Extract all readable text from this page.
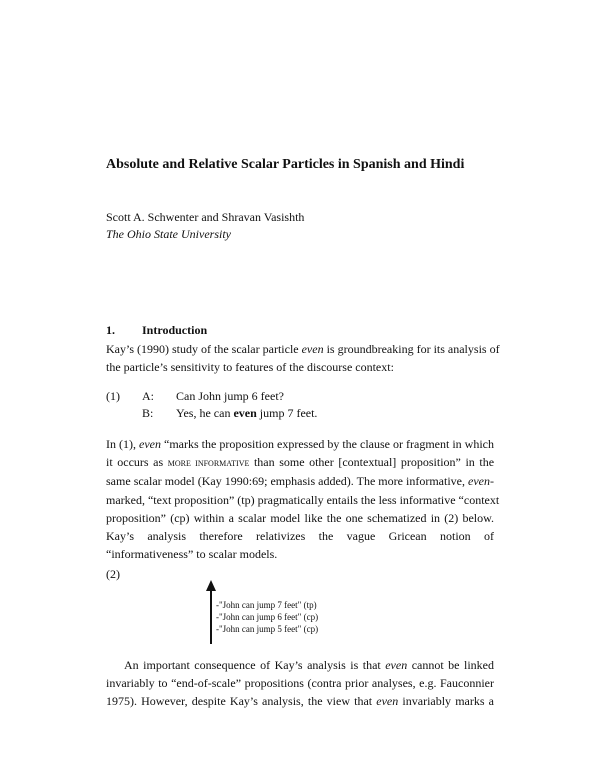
Absolute and Relative Scalar Particles in Spanish and Hindi
Scott A. Schwenter and Shravan Vasishth
The Ohio State University
1. Introduction
Kay’s (1990) study of the scalar particle even is groundbreaking for its analysis of
the particle’s sensitivity to features of the discourse context:
(1) A: Can John jump 6 feet?
B: Yes, he can even jump 7 feet.
In (1), even “marks the proposition expressed by the clause or fragment in which
it occurs as more informative than some other [contextual] proposition” in the
same scalar model (Kay 1990:69; emphasis added). The more informative, even-
marked, “text proposition” (tp) pragmatically entails the less informative “context
proposition” (cp) within a scalar model like the one schematized in (2) below.
Kay’s analysis therefore relativizes the vague Gricean notion of
“informativeness” to scalar models.
(2)
-"John can jump 7 feet" (tp)
-"John can jump 6 feet" (cp)
-"John can jump 5 feet" (cp)
An important consequence of Kay’s analysis is that even cannot be linked
invariably to “end-of-scale” propositions (contra prior analyses, e.g. Fauconnier
1975). However, despite Kay’s analysis, the view that even invariably marks a
